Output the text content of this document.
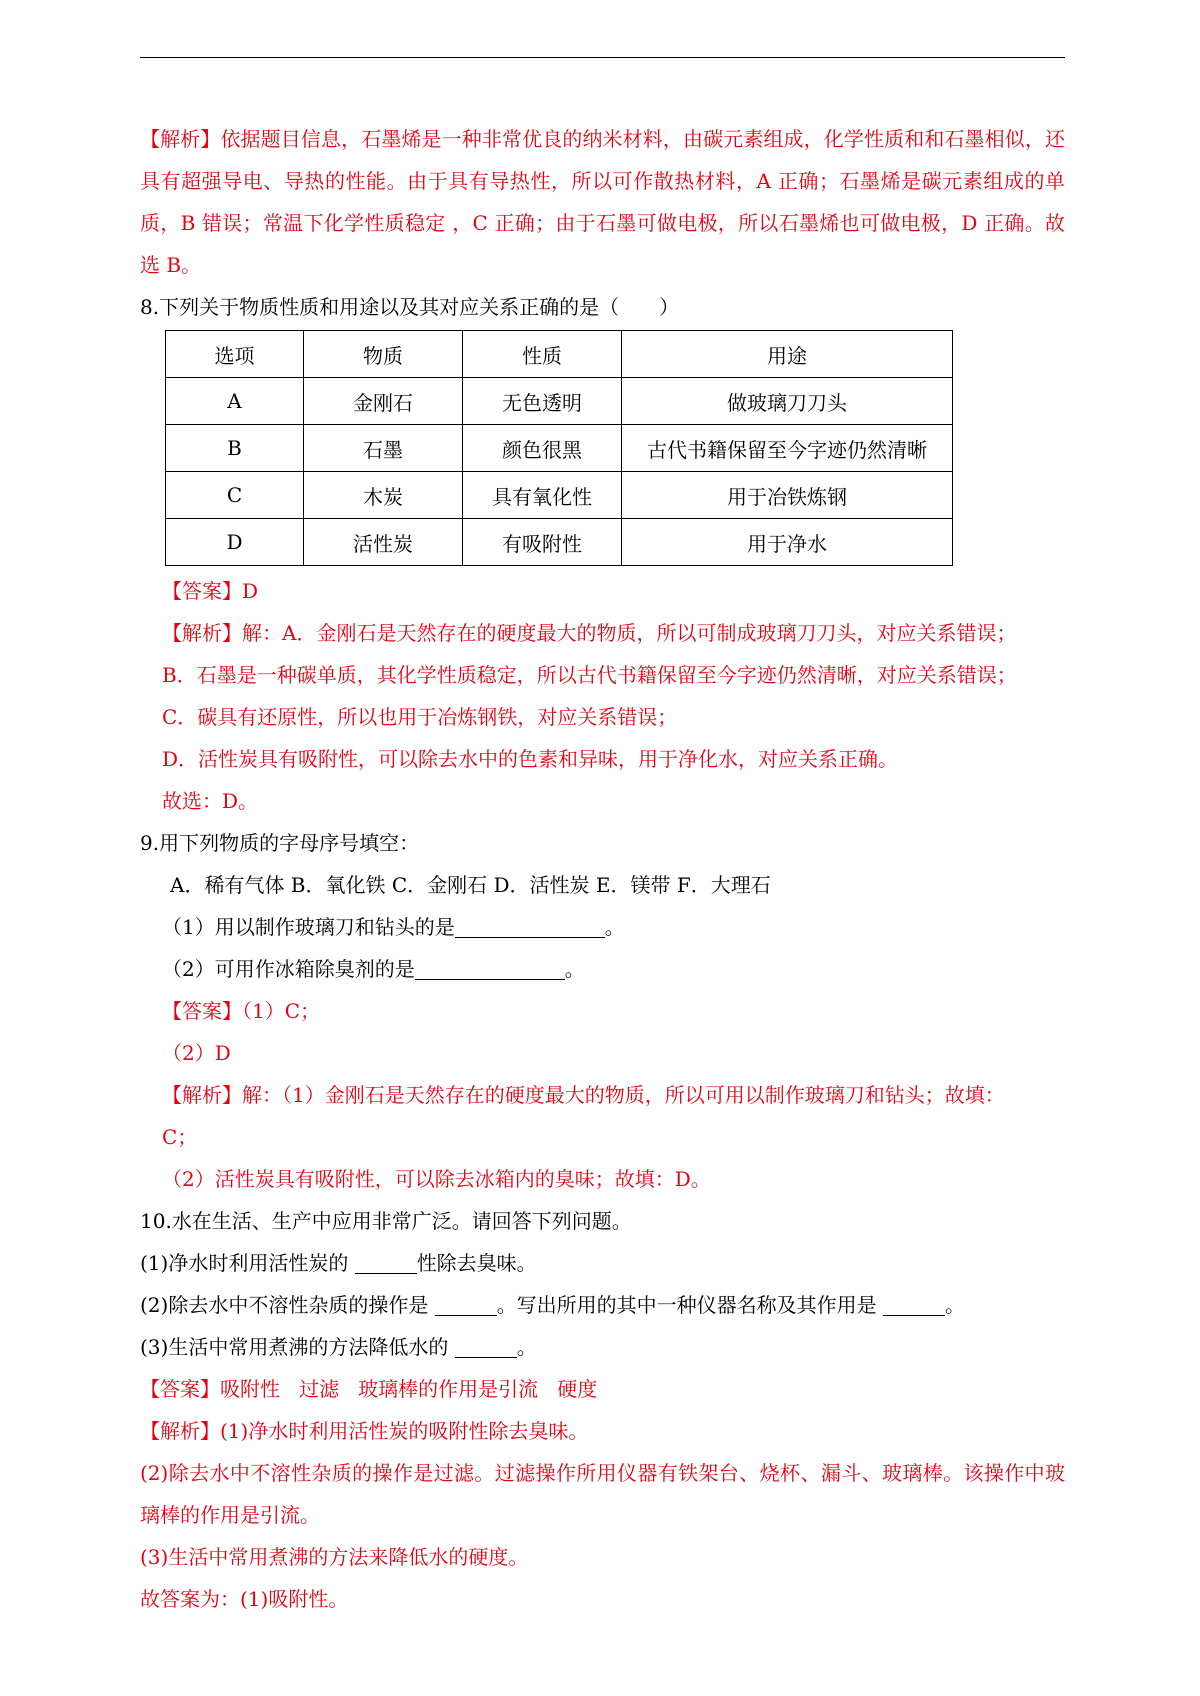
【解析】依据题目信息，石墨烯是一种非常优良的纳米材料，由碳元素组成，化学性质和和石墨相似，还具有超强导电、导热的性能。由于具有导热性，所以可作散热材料，A 正确；石墨烯是碳元素组成的单质，B 错误；常温下化学性质稳定 ，C 正确；由于石墨可做电极，所以石墨烯也可做电极，D 正确。故选 B。
8.下列关于物质性质和用途以及其对应关系正确的是（　　）
选项	物质	性质	用途
A	金刚石	无色透明	做玻璃刀刀头
B	石墨	颜色很黑	古代书籍保留至今字迹仍然清晰
C	木炭	具有氧化性	用于冶铁炼钢
D	活性炭	有吸附性	用于净水
【答案】D
【解析】解：A．金刚石是天然存在的硬度最大的物质，所以可制成玻璃刀刀头，对应关系错误；
B．石墨是一种碳单质，其化学性质稳定，所以古代书籍保留至今字迹仍然清晰，对应关系错误；
C．碳具有还原性，所以也用于冶炼钢铁，对应关系错误；
D．活性炭具有吸附性，可以除去水中的色素和异味，用于净化水，对应关系正确。
故选：D。
9.用下列物质的字母序号填空：
A．稀有气体 B．氧化铁 C．金刚石 D．活性炭 E．镁带 F．大理石
（1）用以制作玻璃刀和钻头的是	。
（2）可用作冰箱除臭剂的是	。
【答案】（1）C；
（2）D
【解析】解：（1）金刚石是天然存在的硬度最大的物质，所以可用以制作玻璃刀和钻头；故填：
C；
（2）活性炭具有吸附性，可以除去冰箱内的臭味；故填：D。
10.水在生活、生产中应用非常广泛。请回答下列问题。
(1)净水时利用活性炭的	性除去臭味。
(2)除去水中不溶性杂质的操作是	。写出所用的其中一种仪器名称及其作用是	。
(3)生活中常用煮沸的方法降低水的	。
【答案】吸附性   过滤   玻璃棒的作用是引流   硬度
【解析】(1)净水时利用活性炭的吸附性除去臭味。
(2)除去水中不溶性杂质的操作是过滤。过滤操作所用仪器有铁架台、烧杯、漏斗、玻璃棒。该操作中玻璃棒的作用是引流。
(3)生活中常用煮沸的方法来降低水的硬度。
故答案为：(1)吸附性。
